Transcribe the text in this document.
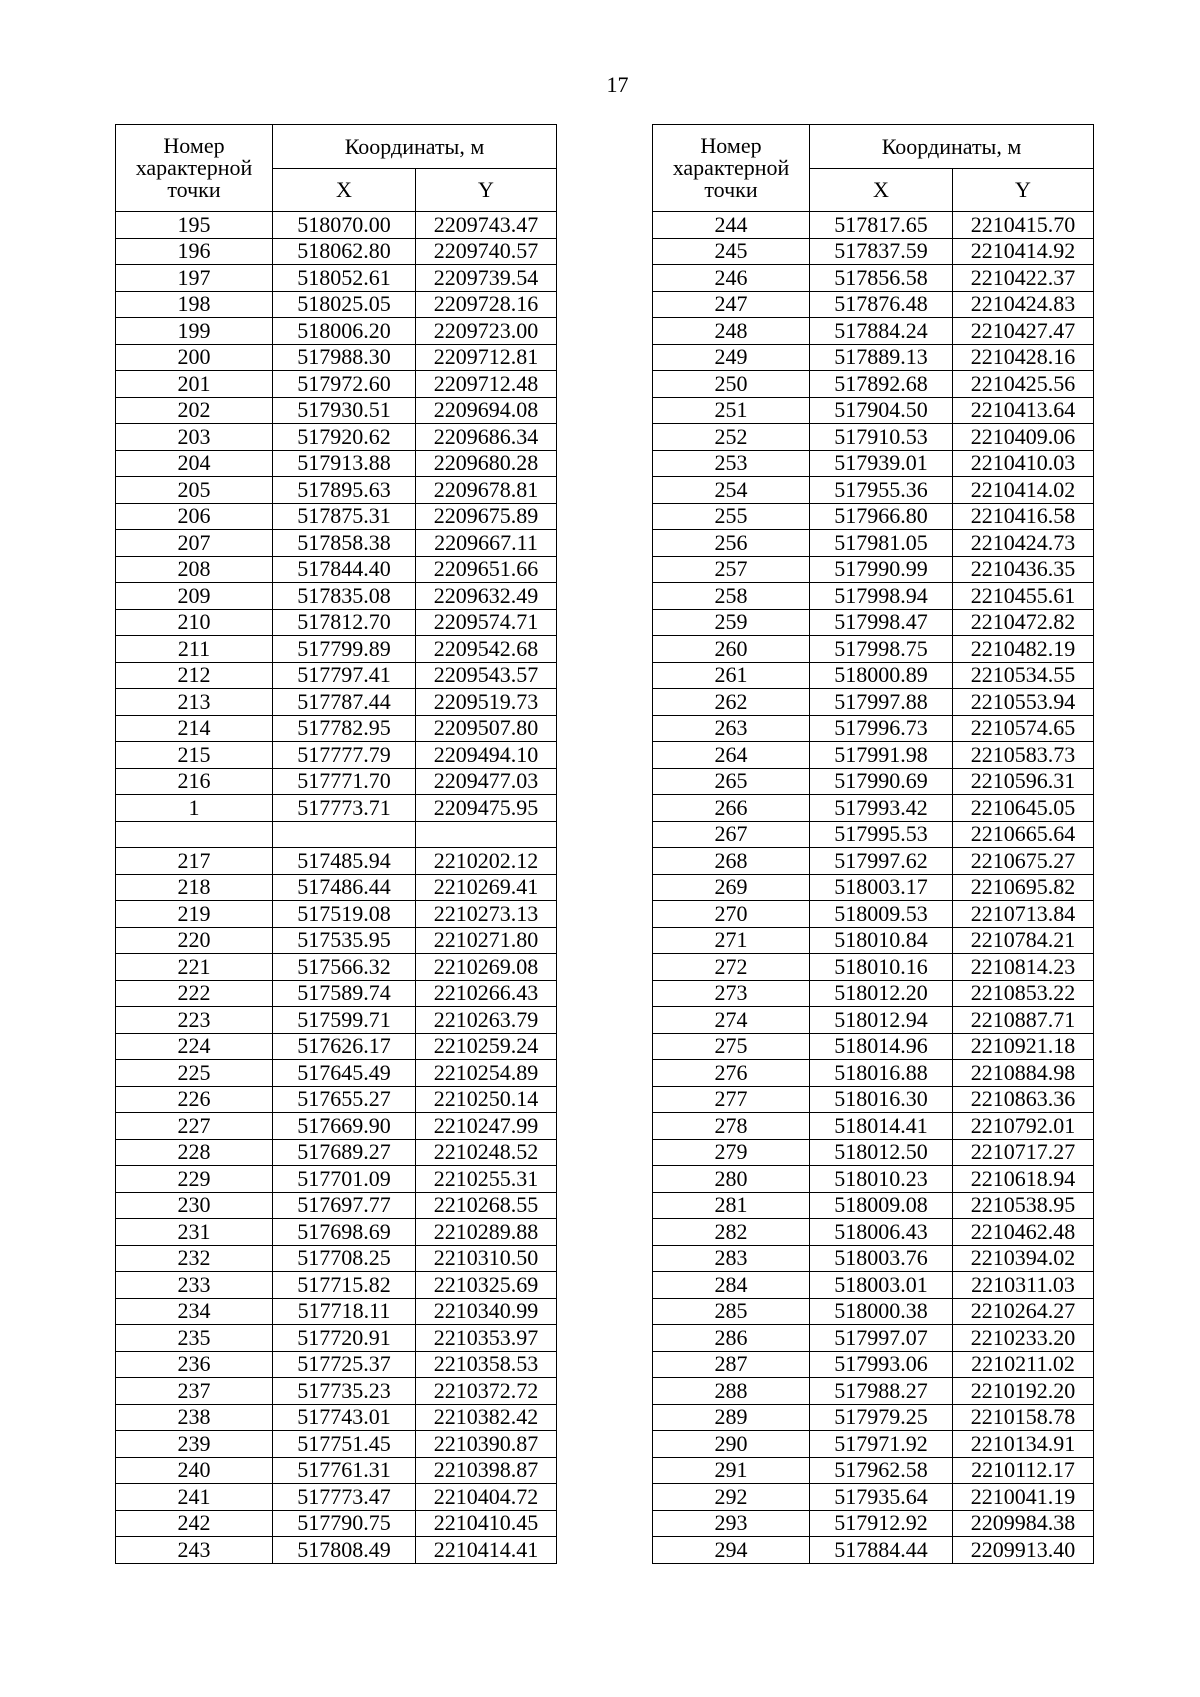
17
Номер характерной точки	Координаты, м	
	X	Y
195	518070.00	2209743.47
196	518062.80	2209740.57
197	518052.61	2209739.54
198	518025.05	2209728.16
199	518006.20	2209723.00
200	517988.30	2209712.81
201	517972.60	2209712.48
202	517930.51	2209694.08
203	517920.62	2209686.34
204	517913.88	2209680.28
205	517895.63	2209678.81
206	517875.31	2209675.89
207	517858.38	2209667.11
208	517844.40	2209651.66
209	517835.08	2209632.49
210	517812.70	2209574.71
211	517799.89	2209542.68
212	517797.41	2209543.57
213	517787.44	2209519.73
214	517782.95	2209507.80
215	517777.79	2209494.10
216	517771.70	2209477.03
1	517773.71	2209475.95

217	517485.94	2210202.12
218	517486.44	2210269.41
219	517519.08	2210273.13
220	517535.95	2210271.80
221	517566.32	2210269.08
222	517589.74	2210266.43
223	517599.71	2210263.79
224	517626.17	2210259.24
225	517645.49	2210254.89
226	517655.27	2210250.14
227	517669.90	2210247.99
228	517689.27	2210248.52
229	517701.09	2210255.31
230	517697.77	2210268.55
231	517698.69	2210289.88
232	517708.25	2210310.50
233	517715.82	2210325.69
234	517718.11	2210340.99
235	517720.91	2210353.97
236	517725.37	2210358.53
237	517735.23	2210372.72
238	517743.01	2210382.42
239	517751.45	2210390.87
240	517761.31	2210398.87
241	517773.47	2210404.72
242	517790.75	2210410.45
243	517808.49	2210414.41
Номер характерной точки	Координаты, м	
	X	Y
244	517817.65	2210415.70
245	517837.59	2210414.92
246	517856.58	2210422.37
247	517876.48	2210424.83
248	517884.24	2210427.47
249	517889.13	2210428.16
250	517892.68	2210425.56
251	517904.50	2210413.64
252	517910.53	2210409.06
253	517939.01	2210410.03
254	517955.36	2210414.02
255	517966.80	2210416.58
256	517981.05	2210424.73
257	517990.99	2210436.35
258	517998.94	2210455.61
259	517998.47	2210472.82
260	517998.75	2210482.19
261	518000.89	2210534.55
262	517997.88	2210553.94
263	517996.73	2210574.65
264	517991.98	2210583.73
265	517990.69	2210596.31
266	517993.42	2210645.05
267	517995.53	2210665.64
268	517997.62	2210675.27
269	518003.17	2210695.82
270	518009.53	2210713.84
271	518010.84	2210784.21
272	518010.16	2210814.23
273	518012.20	2210853.22
274	518012.94	2210887.71
275	518014.96	2210921.18
276	518016.88	2210884.98
277	518016.30	2210863.36
278	518014.41	2210792.01
279	518012.50	2210717.27
280	518010.23	2210618.94
281	518009.08	2210538.95
282	518006.43	2210462.48
283	518003.76	2210394.02
284	518003.01	2210311.03
285	518000.38	2210264.27
286	517997.07	2210233.20
287	517993.06	2210211.02
288	517988.27	2210192.20
289	517979.25	2210158.78
290	517971.92	2210134.91
291	517962.58	2210112.17
292	517935.64	2210041.19
293	517912.92	2209984.38
294	517884.44	2209913.40
